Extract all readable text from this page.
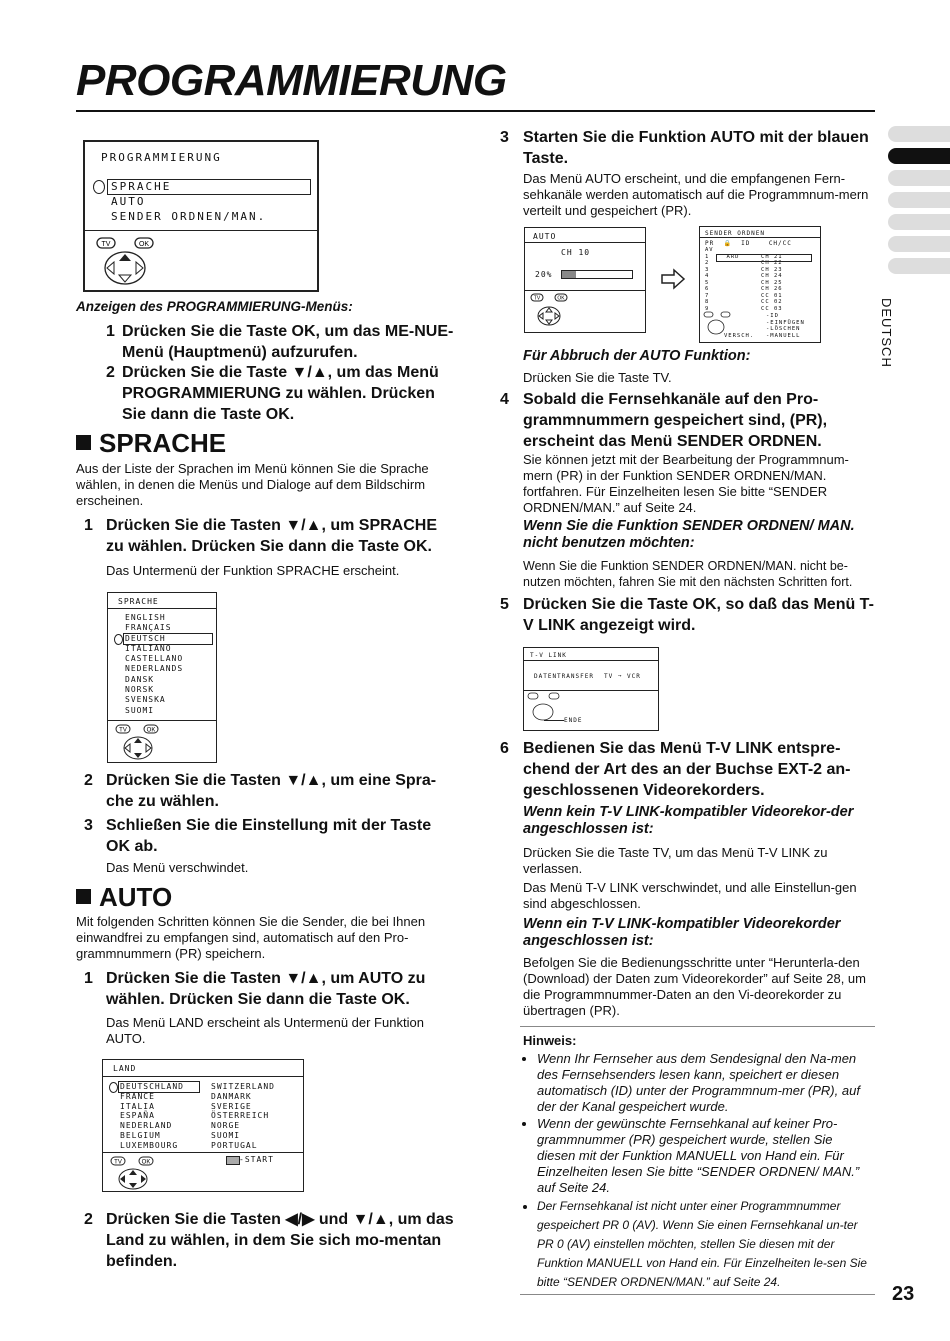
PROGRAMMIERUNG
DEUTSCH
PROGRAMMIERUNG
SPRACHE
AUTO
SENDER ORDNEN/MAN.
TV	OK
Anzeigen des PROGRAMMIERUNG-Menüs:
1 Drücken Sie die Taste OK, um das ME-NUE-Menü (Hauptmenü) aufzurufen.
2 Drücken Sie die Taste ▼/▲, um das Menü PROGRAMMIERUNG zu wählen. Drücken Sie dann die Taste OK.
SPRACHE
Aus der Liste der Sprachen im Menü können Sie die Sprache wählen, in denen die Menüs und Dialoge auf dem Bildschirm erscheinen.
1 Drücken Sie die Tasten ▼/▲, um SPRACHE zu wählen. Drücken Sie dann die Taste OK.
Das Untermenü der Funktion SPRACHE erscheint.
SPRACHE
ENGLISH
FRANÇAIS
DEUTSCH
ITALIANO
CASTELLANO
NEDERLANDS
DANSK
NORSK
SVENSKA
SUOMI
TV	OK
2 Drücken Sie die Tasten ▼/▲, um eine Spra-che zu wählen.
3 Schließen Sie die Einstellung mit der Taste OK ab.
Das Menü verschwindet.
AUTO
Mit folgenden Schritten können Sie die Sender, die bei Ihnen einwandfrei zu empfangen sind, automatisch auf den Pro-grammnummern (PR) speichern.
1 Drücken Sie die Tasten ▼/▲, um AUTO zu wählen. Drücken Sie dann die Taste OK.
Das Menü LAND erscheint als Untermenü der Funktion AUTO.
LAND
DEUTSCHLAND
FRANCE
ITALIA
ESPAÑA
NEDERLAND
BELGIUM
LUXEMBOURG
SWITZERLAND
DANMARK
SVERIGE
ÖSTERREICH
NORGE
SUOMI
PORTUGAL
TV	OK	-START
2 Drücken Sie die Tasten ◀/▶ und ▼/▲, um das Land zu wählen, in dem Sie sich mo-mentan befinden.
3 Starten Sie die Funktion AUTO mit der blauen Taste.
Das Menü AUTO erscheint, und die empfangenen Fern-sehkanäle werden automatisch auf die Programmnum-mern verteilt und gespeichert (PR).
AUTO
CH 10
20%
TV	OK
SENDER ORDNEN
PR  🔒  ID    CH/CC
AV
1    ARD     CH 21
2            CH 22
3            CH 23
4            CH 24
5            CH 25
6            CH 26
7            CC 01
8            CC 02
9            CC 03
-ID
-EINFÜGEN
-LÖSCHEN
-MANUELL
VERSCH.
Für Abbruch der AUTO Funktion:
Drücken Sie die Taste TV.
4 Sobald die Fernsehkanäle auf den Pro-grammnummern gespeichert sind, (PR), erscheint das Menü SENDER ORDNEN.
Sie können jetzt mit der Bearbeitung der Programmnum-mern (PR) in der Funktion SENDER ORDNEN/MAN. fortfahren. Für Einzelheiten lesen Sie bitte “SENDER ORDNEN/MAN.” auf Seite 24.
Wenn Sie die Funktion SENDER ORDNEN/ MAN. nicht benutzen möchten:
Wenn Sie die Funktion SENDER ORDNEN/MAN. nicht be-nutzen möchten, fahren Sie mit den nächsten Schritten fort.
5 Drücken Sie die Taste OK, so daß das Menü T-V LINK angezeigt wird.
T-V LINK
DATENTRANSFER TV ➞ VCR
ENDE
6 Bedienen Sie das Menü T-V LINK entspre-chend der Art des an der Buchse EXT-2 an-geschlossenen Videorekorders.
Wenn kein T-V LINK-kompatibler Videorekor-der angeschlossen ist:
Drücken Sie die Taste TV, um das Menü T-V LINK zu verlassen.
Das Menü T-V LINK verschwindet, und alle Einstellun-gen sind abgeschlossen.
Wenn ein T-V LINK-kompatibler Videorekorder angeschlossen ist:
Befolgen Sie die Bedienungsschritte unter “Herunterla-den (Download) der Daten zum Videorekorder” auf Seite 28, um die Programmnummer-Daten an den Vi-deorekorder zu übertragen (PR).
Hinweis:
• Wenn Ihr Fernseher aus dem Sendesignal den Na-men des Fernsehsenders lesen kann, speichert er diesen automatisch (ID) unter der Programmnum-mer (PR), auf der der Kanal gespeichert wurde.
• Wenn der gewünschte Fernsehkanal auf keiner Pro-grammnummer (PR) gespeichert wurde, stellen Sie diesen mit der Funktion MANUELL von Hand ein. Für Einzelheiten lesen Sie bitte “SENDER ORDNEN/ MAN.” auf Seite 24.
• Der Fernsehkanal ist nicht unter einer Programmnummer gespeichert PR 0 (AV). Wenn Sie einen Fernsehkanal un-ter PR 0 (AV) einstellen möchten, stellen Sie diesen mit der Funktion MANUELL von Hand ein. Für Einzelheiten le-sen Sie bitte “SENDER ORDNEN/MAN.” auf Seite 24.
23
